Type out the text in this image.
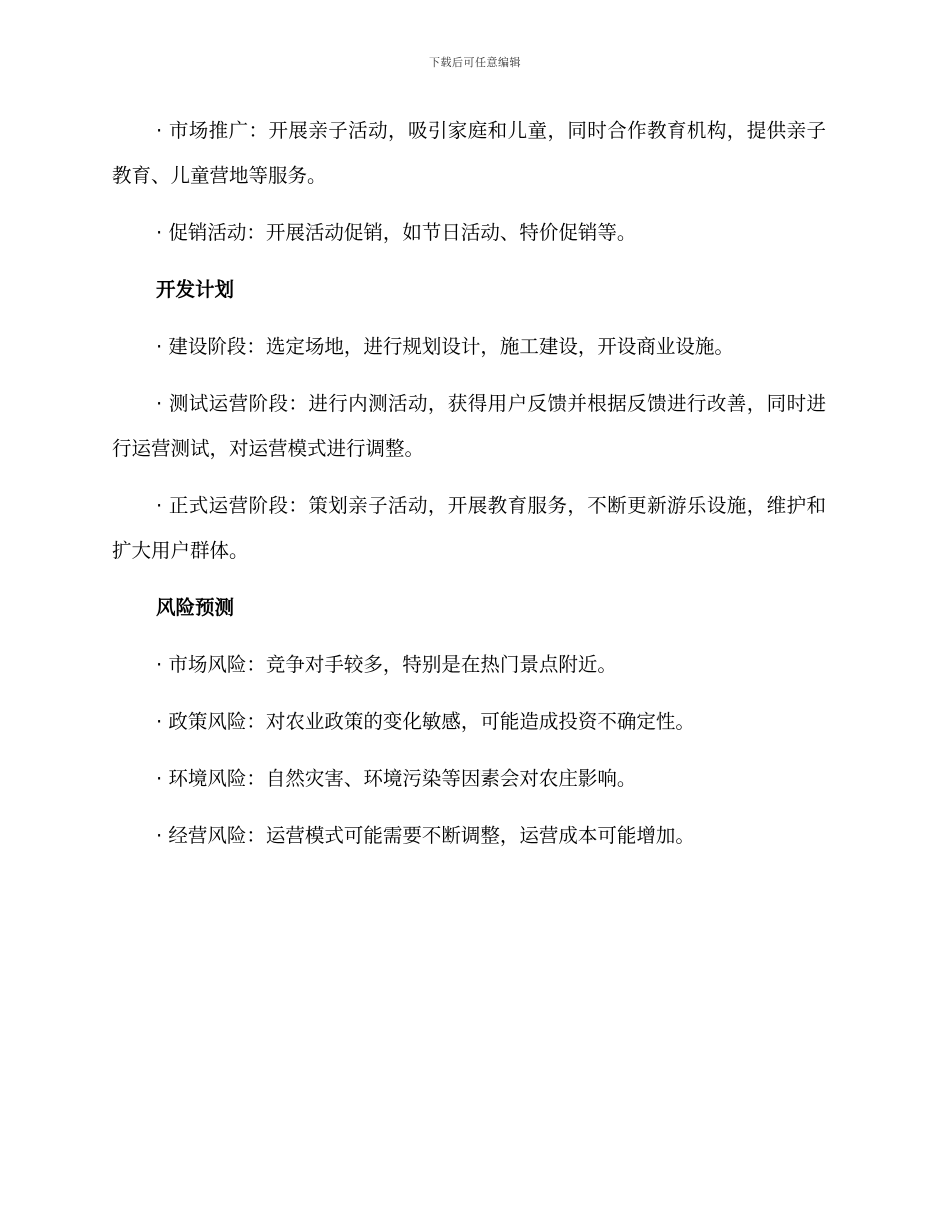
下载后可任意编辑

· 市场推广：开展亲子活动，吸引家庭和儿童，同时合作教育机构，提供亲子教育、儿童营地等服务。

· 促销活动：开展活动促销，如节日活动、特价促销等。

开发计划

· 建设阶段：选定场地，进行规划设计，施工建设，开设商业设施。

· 测试运营阶段：进行内测活动，获得用户反馈并根据反馈进行改善，同时进行运营测试，对运营模式进行调整。

· 正式运营阶段：策划亲子活动，开展教育服务，不断更新游乐设施，维护和扩大用户群体。

风险预测

· 市场风险：竞争对手较多，特别是在热门景点附近。

· 政策风险：对农业政策的变化敏感，可能造成投资不确定性。

· 环境风险：自然灾害、环境污染等因素会对农庄影响。

· 经营风险：运营模式可能需要不断调整，运营成本可能增加。
